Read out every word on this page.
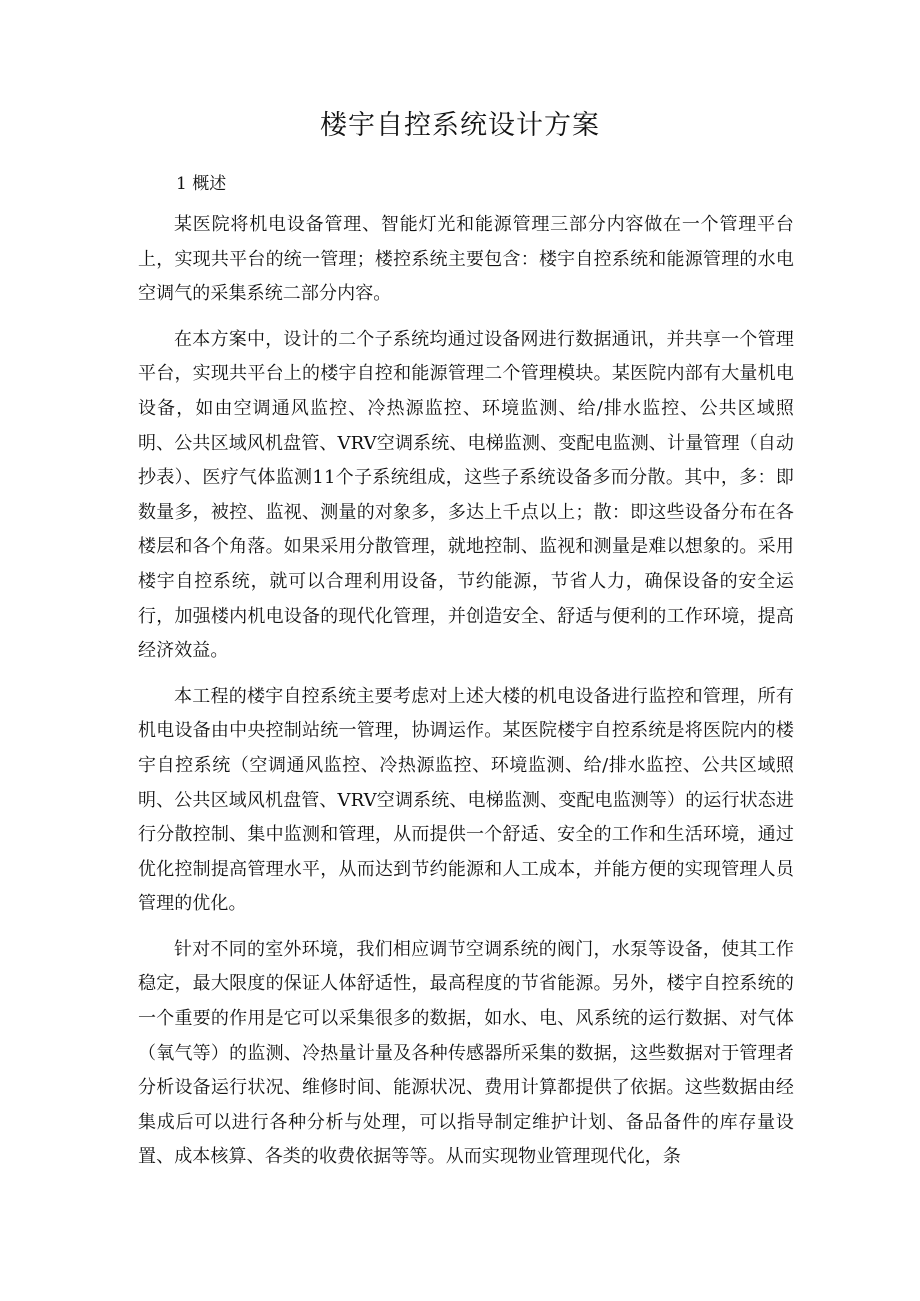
楼宇自控系统设计方案

1 概述

某医院将机电设备管理、智能灯光和能源管理三部分内容做在一个管理平台上，实现共平台的统一管理；楼控系统主要包含：楼宇自控系统和能源管理的水电空调气的采集系统二部分内容。

在本方案中，设计的二个子系统均通过设备网进行数据通讯，并共享一个管理平台，实现共平台上的楼宇自控和能源管理二个管理模块。某医院内部有大量机电设备，如由空调通风监控、冷热源监控、环境监测、给/排水监控、公共区域照明、公共区域风机盘管、VRV空调系统、电梯监测、变配电监测、计量管理（自动抄表）、医疗气体监测11个子系统组成，这些子系统设备多而分散。其中，多：即数量多，被控、监视、测量的对象多，多达上千点以上；散：即这些设备分布在各楼层和各个角落。如果采用分散管理，就地控制、监视和测量是难以想象的。采用楼宇自控系统，就可以合理利用设备，节约能源，节省人力，确保设备的安全运行，加强楼内机电设备的现代化管理，并创造安全、舒适与便利的工作环境，提高经济效益。

本工程的楼宇自控系统主要考虑对上述大楼的机电设备进行监控和管理，所有机电设备由中央控制站统一管理，协调运作。某医院楼宇自控系统是将医院内的楼宇自控系统（空调通风监控、冷热源监控、环境监测、给/排水监控、公共区域照明、公共区域风机盘管、VRV空调系统、电梯监测、变配电监测等）的运行状态进行分散控制、集中监测和管理，从而提供一个舒适、安全的工作和生活环境，通过优化控制提高管理水平，从而达到节约能源和人工成本，并能方便的实现管理人员管理的优化。

针对不同的室外环境，我们相应调节空调系统的阀门，水泵等设备，使其工作稳定，最大限度的保证人体舒适性，最高程度的节省能源。另外，楼宇自控系统的一个重要的作用是它可以采集很多的数据，如水、电、风系统的运行数据、对气体（氧气等）的监测、冷热量计量及各种传感器所采集的数据，这些数据对于管理者分析设备运行状况、维修时间、能源状况、费用计算都提供了依据。这些数据由经集成后可以进行各种分析与处理，可以指导制定维护计划、备品备件的库存量设置、成本核算、各类的收费依据等等。从而实现物业管理现代化，条
